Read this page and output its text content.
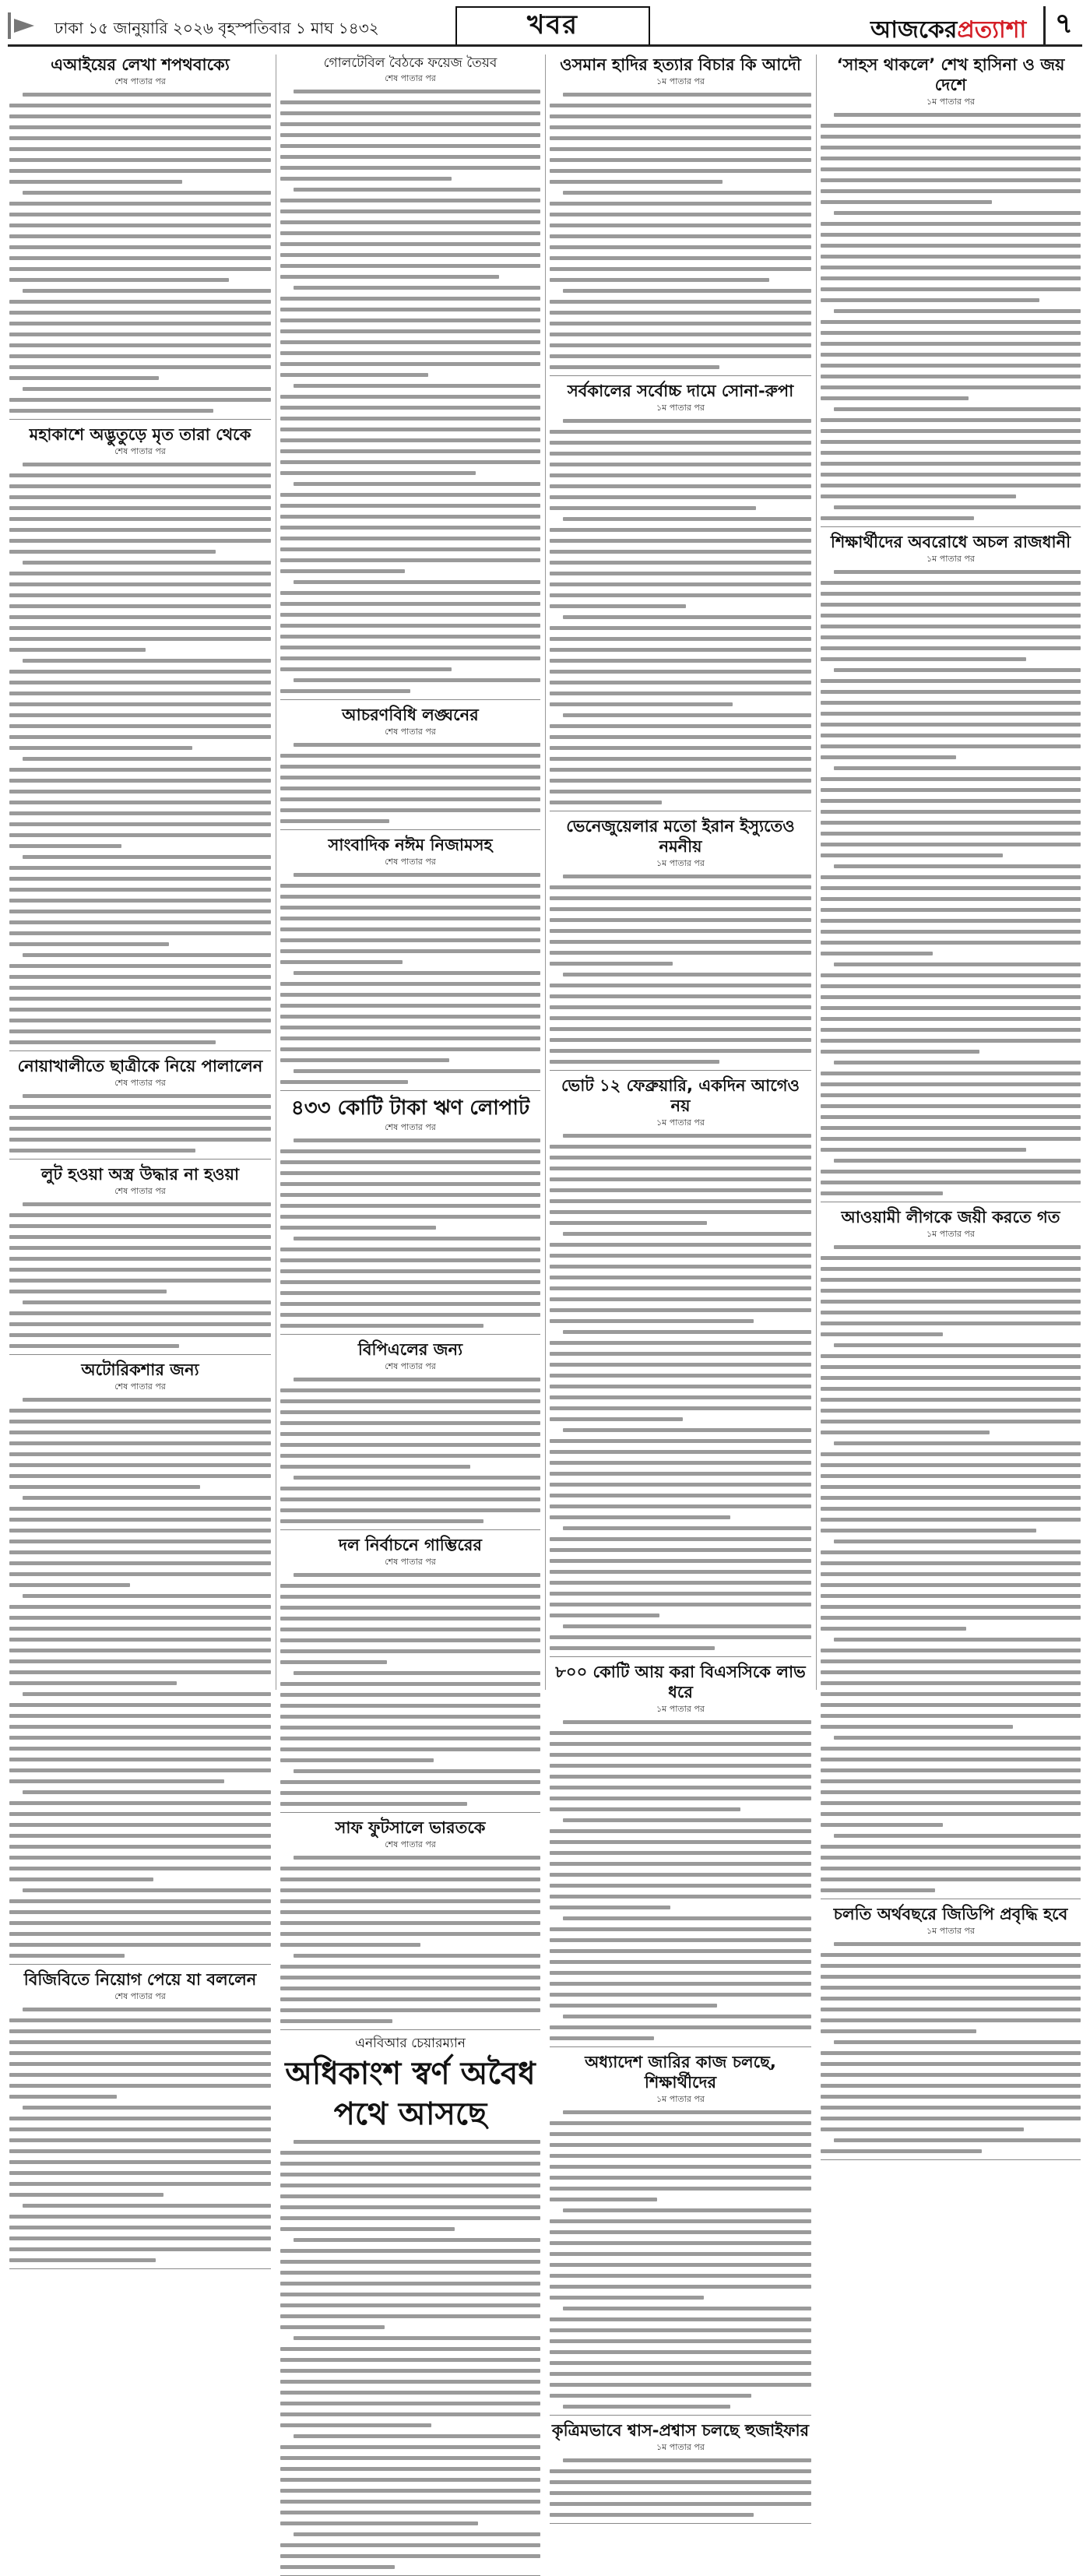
ঢাকা ১৫ জানুয়ারি ২০২৬ বৃহস্পতিবার ১ মাঘ ১৪৩২	খবর	আজকেরপ্রত্যাশা	৭
এআইয়ের লেখা শপথবাক্যে
শেষ পাতার পর
মহাকাশে অদ্ভুতুড়ে মৃত তারা থেকে
শেষ পাতার পর
নোয়াখালীতে ছাত্রীকে নিয়ে পালালেন
শেষ পাতার পর
লুট হওয়া অস্ত্র উদ্ধার না হওয়া
শেষ পাতার পর
অটোরিকশার জন্য
শেষ পাতার পর
বিজিবিতে নিয়োগ পেয়ে যা বললেন
শেষ পাতার পর
গোলটেবিল বৈঠকে ফয়েজ তৈয়ব
শেষ পাতার পর
আচরণবিধি লঙ্ঘনের
শেষ পাতার পর
সাংবাদিক নঈম নিজামসহ
শেষ পাতার পর
৪৩৩ কোটি টাকা ঋণ লোপাট
শেষ পাতার পর
বিপিএলের জন্য
শেষ পাতার পর
দল নির্বাচনে গাম্ভিরের
শেষ পাতার পর
সাফ ফুটসালে ভারতকে
শেষ পাতার পর
এনবিআর চেয়ারম্যান
অধিকাংশ স্বর্ণ অবৈধ পথে আসছে
ওসমান হাদির হত্যার বিচার কি আদৌ
১ম পাতার পর
সর্বকালের সর্বোচ্চ দামে সোনা-রুপা
১ম পাতার পর
ভেনেজুয়েলার মতো ইরান ইস্যুতেও নমনীয়
১ম পাতার পর
ভোট ১২ ফেব্রুয়ারি, একদিন আগেও নয়
১ম পাতার পর
৮০০ কোটি আয় করা বিএসসিকে লাভ ধরে
১ম পাতার পর
অধ্যাদেশ জারির কাজ চলছে, শিক্ষার্থীদের
১ম পাতার পর
কৃত্রিমভাবে শ্বাস-প্রশ্বাস চলছে হুজাইফার
১ম পাতার পর
‘সাহস থাকলে’ শেখ হাসিনা ও জয় দেশে
১ম পাতার পর
শিক্ষার্থীদের অবরোধে অচল রাজধানী
১ম পাতার পর
আওয়ামী লীগকে জয়ী করতে গত
১ম পাতার পর
চলতি অর্থবছরে জিডিপি প্রবৃদ্ধি হবে
১ম পাতার পর
